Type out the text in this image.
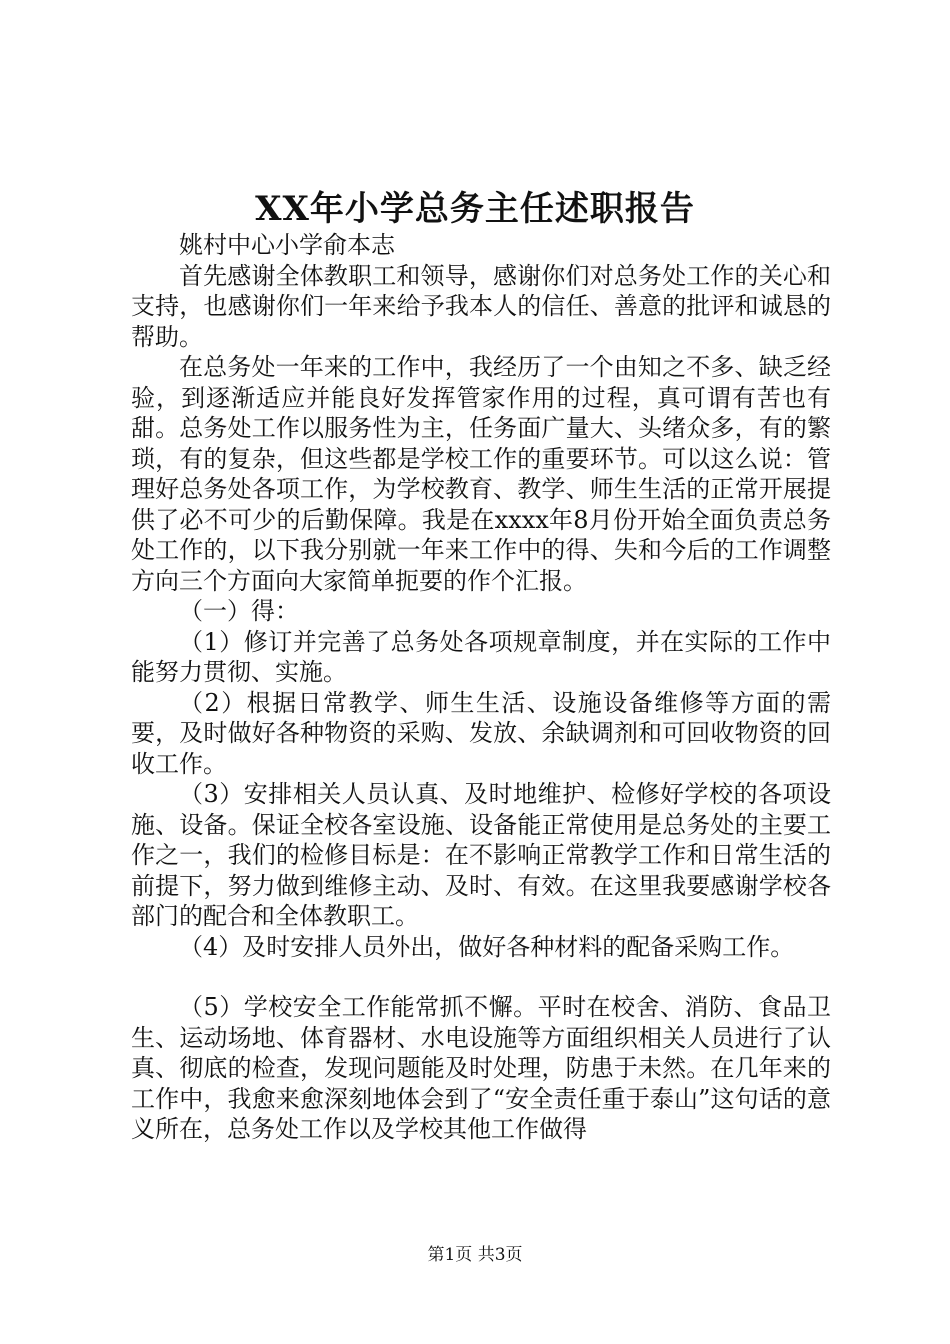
XX年小学总务主任述职报告

姚村中心小学俞本志

首先感谢全体教职工和领导，感谢你们对总务处工作的关心和支持，也感谢你们一年来给予我本人的信任、善意的批评和诚恳的帮助。

在总务处一年来的工作中，我经历了一个由知之不多、缺乏经验，到逐渐适应并能良好发挥管家作用的过程，真可谓有苦也有甜。总务处工作以服务性为主，任务面广量大、头绪众多，有的繁琐，有的复杂，但这些都是学校工作的重要环节。可以这么说：管理好总务处各项工作，为学校教育、教学、师生生活的正常开展提供了必不可少的后勤保障。我是在xxxx年8月份开始全面负责总务处工作的，以下我分别就一年来工作中的得、失和今后的工作调整方向三个方面向大家简单扼要的作个汇报。

（一）得：

（1）修订并完善了总务处各项规章制度，并在实际的工作中能努力贯彻、实施。

（2）根据日常教学、师生生活、设施设备维修等方面的需要，及时做好各种物资的采购、发放、余缺调剂和可回收物资的回收工作。

（3）安排相关人员认真、及时地维护、检修好学校的各项设施、设备。保证全校各室设施、设备能正常使用是总务处的主要工作之一，我们的检修目标是：在不影响正常教学工作和日常生活的前提下，努力做到维修主动、及时、有效。在这里我要感谢学校各部门的配合和全体教职工。

（4）及时安排人员外出，做好各种材料的配备采购工作。

（5）学校安全工作能常抓不懈。平时在校舍、消防、食品卫生、运动场地、体育器材、水电设施等方面组织相关人员进行了认真、彻底的检查，发现问题能及时处理，防患于未然。在几年来的工作中，我愈来愈深刻地体会到了“安全责任重于泰山”这句话的意义所在，总务处工作以及学校其他工作做得

第1页 共3页
